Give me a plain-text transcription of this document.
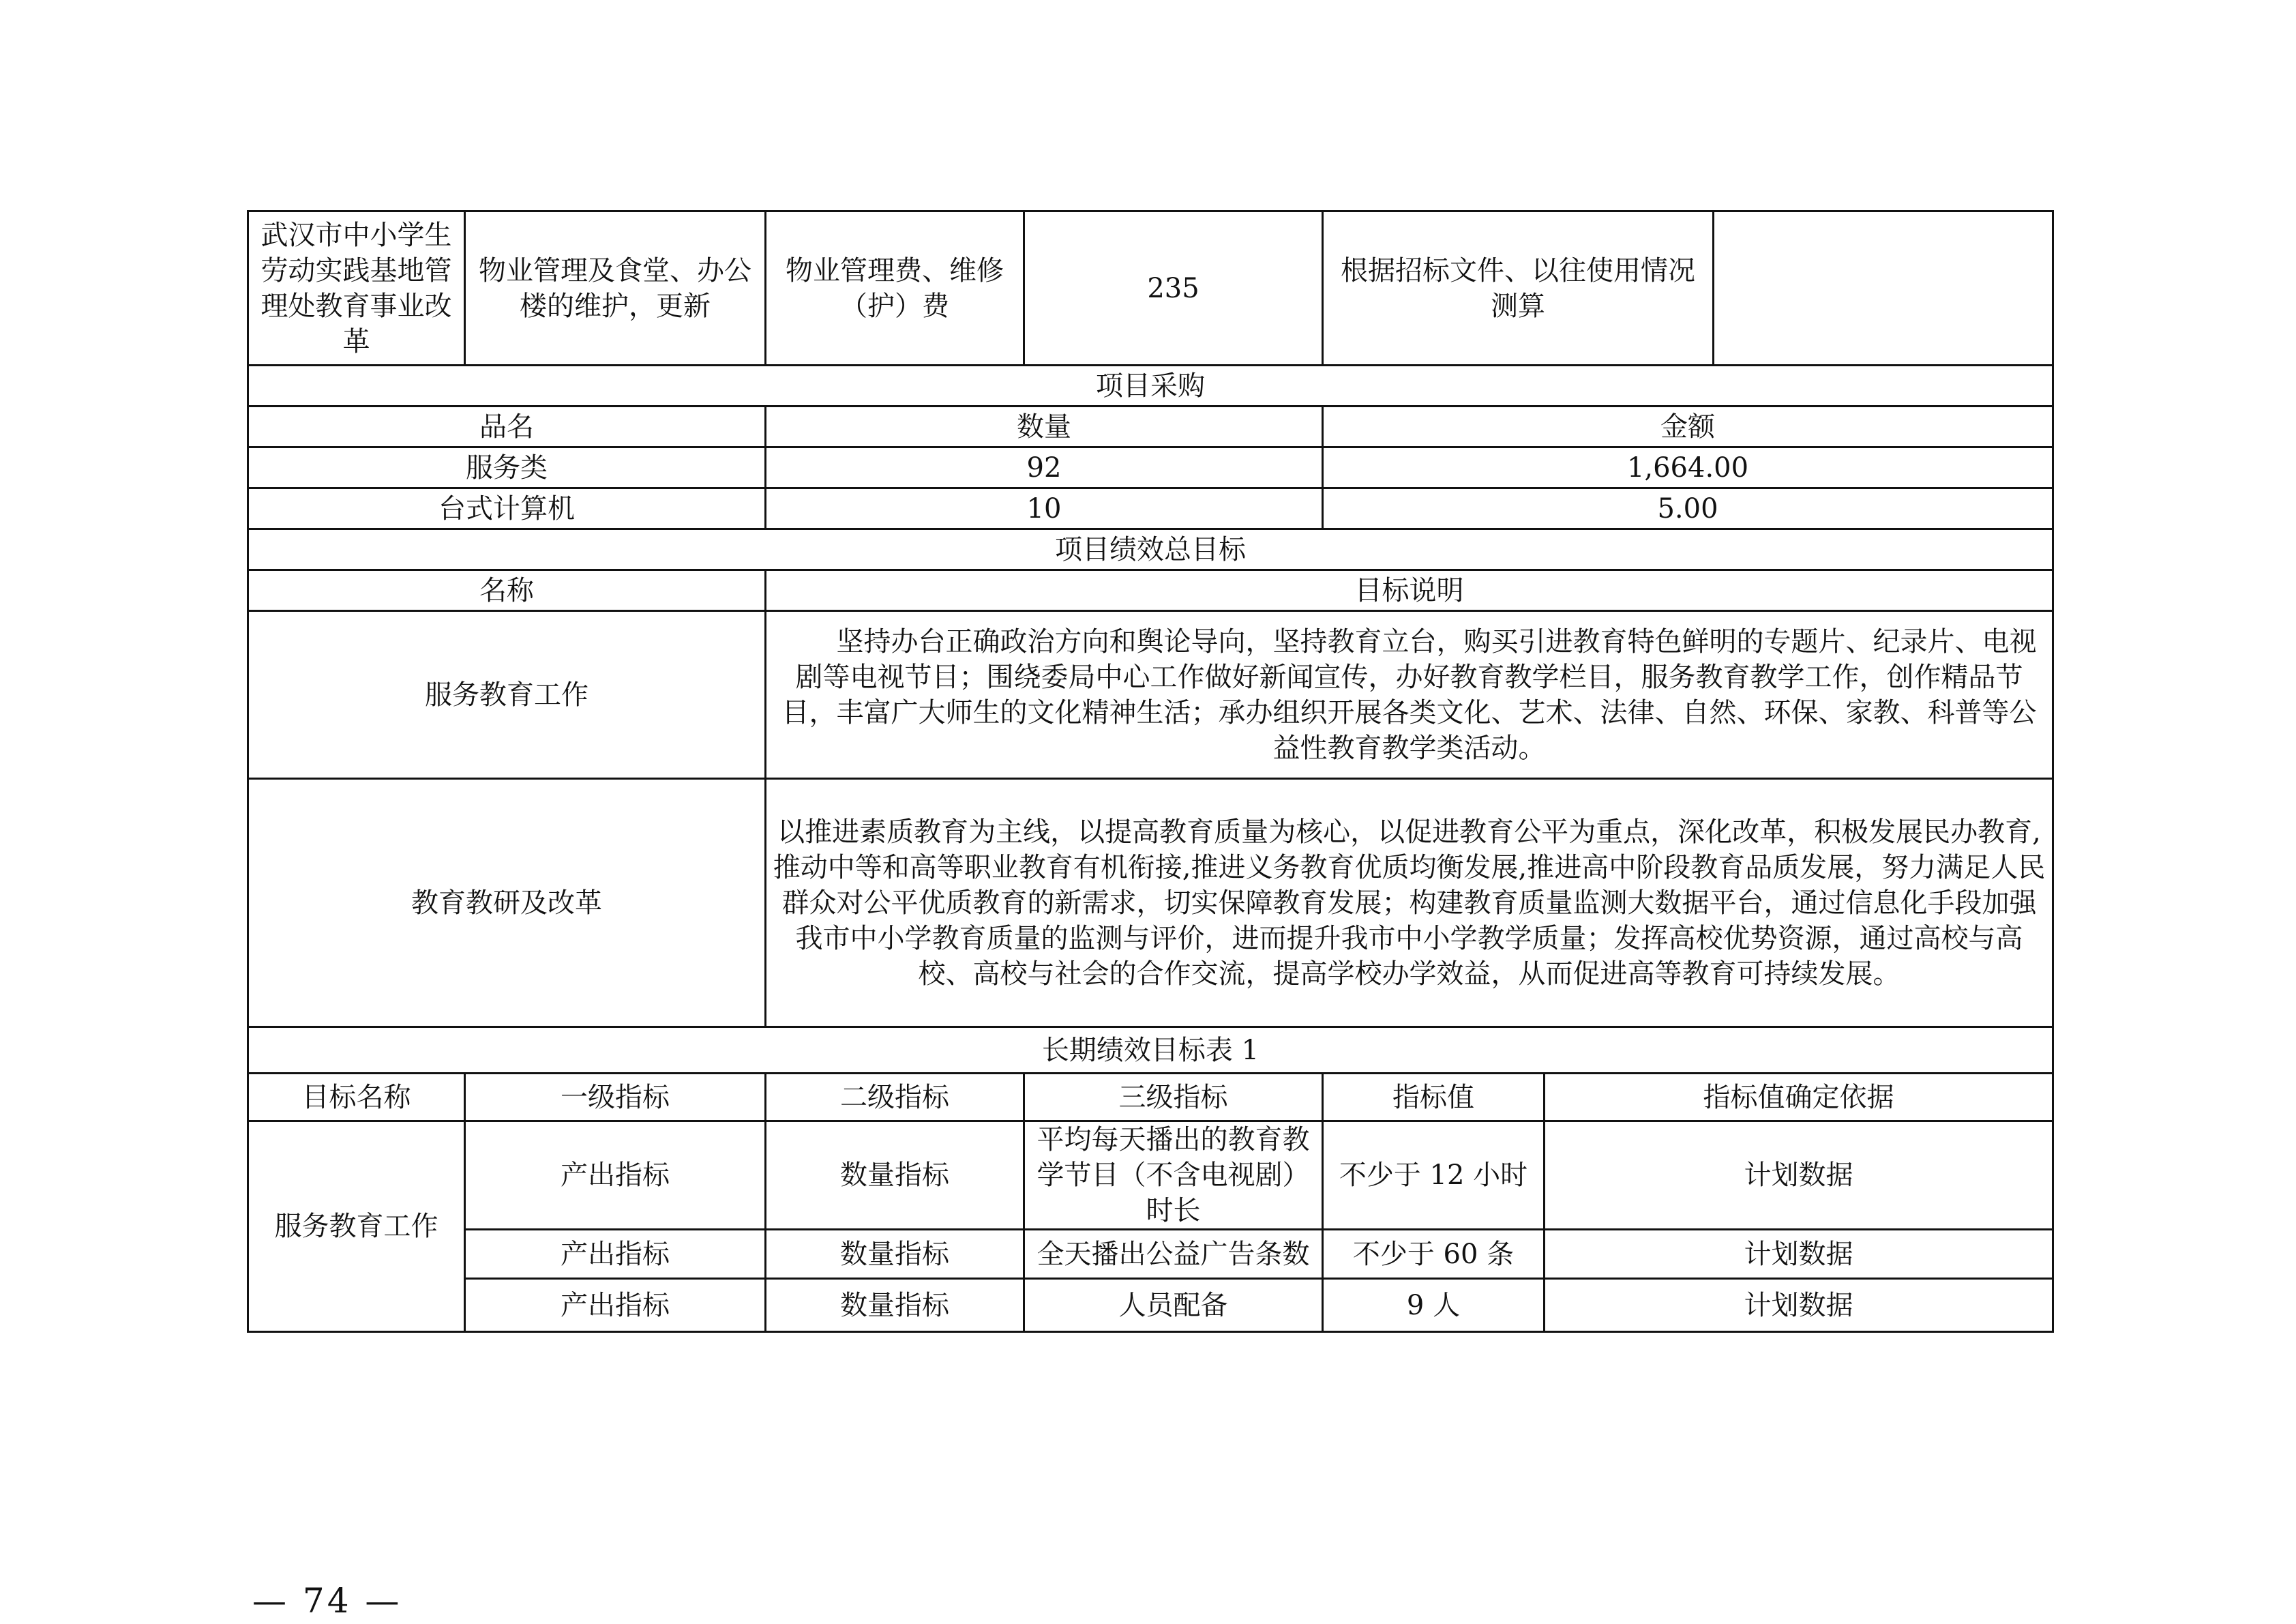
武汉市中小学生劳动实践基地管理处教育事业改革	物业管理及食堂、办公楼的维护，更新	物业管理费、维修（护）费	235	根据招标文件、以往使用情况测算		
项目采购						
品名		数量		金额		
服务类		92		1,664.00		
台式计算机		10		5.00		
项目绩效总目标						
名称		目标说明				
服务教育工作		坚持办台正确政治方向和舆论导向，坚持教育立台，购买引进教育特色鲜明的专题片、纪录片、电视剧等电视节目；围绕委局中心工作做好新闻宣传，办好教育教学栏目，服务教育教学工作，创作精品节目，丰富广大师生的文化精神生活；承办组织开展各类文化、艺术、法律、自然、环保、家教、科普等公益性教育教学类活动。				
教育教研及改革		以推进素质教育为主线，以提高教育质量为核心，以促进教育公平为重点，深化改革，积极发展民办教育,推动中等和高等职业教育有机衔接,推进义务教育优质均衡发展,推进高中阶段教育品质发展，努力满足人民群众对公平优质教育的新需求，切实保障教育发展；构建教育质量监测大数据平台，通过信息化手段加强我市中小学教育质量的监测与评价，进而提升我市中小学教学质量；发挥高校优势资源，通过高校与高校、高校与社会的合作交流，提高学校办学效益，从而促进高等教育可持续发展。				
长期绩效目标表 1						
目标名称	一级指标	二级指标	三级指标	指标值	指标值确定依据	
服务教育工作	产出指标	数量指标	平均每天播出的教育教学节目（不含电视剧）时长	不少于 12 小时	计划数据	
	产出指标	数量指标	全天播出公益广告条数	不少于 60 条	计划数据	
	产出指标	数量指标	人员配备	9 人	计划数据	
— 74 —
